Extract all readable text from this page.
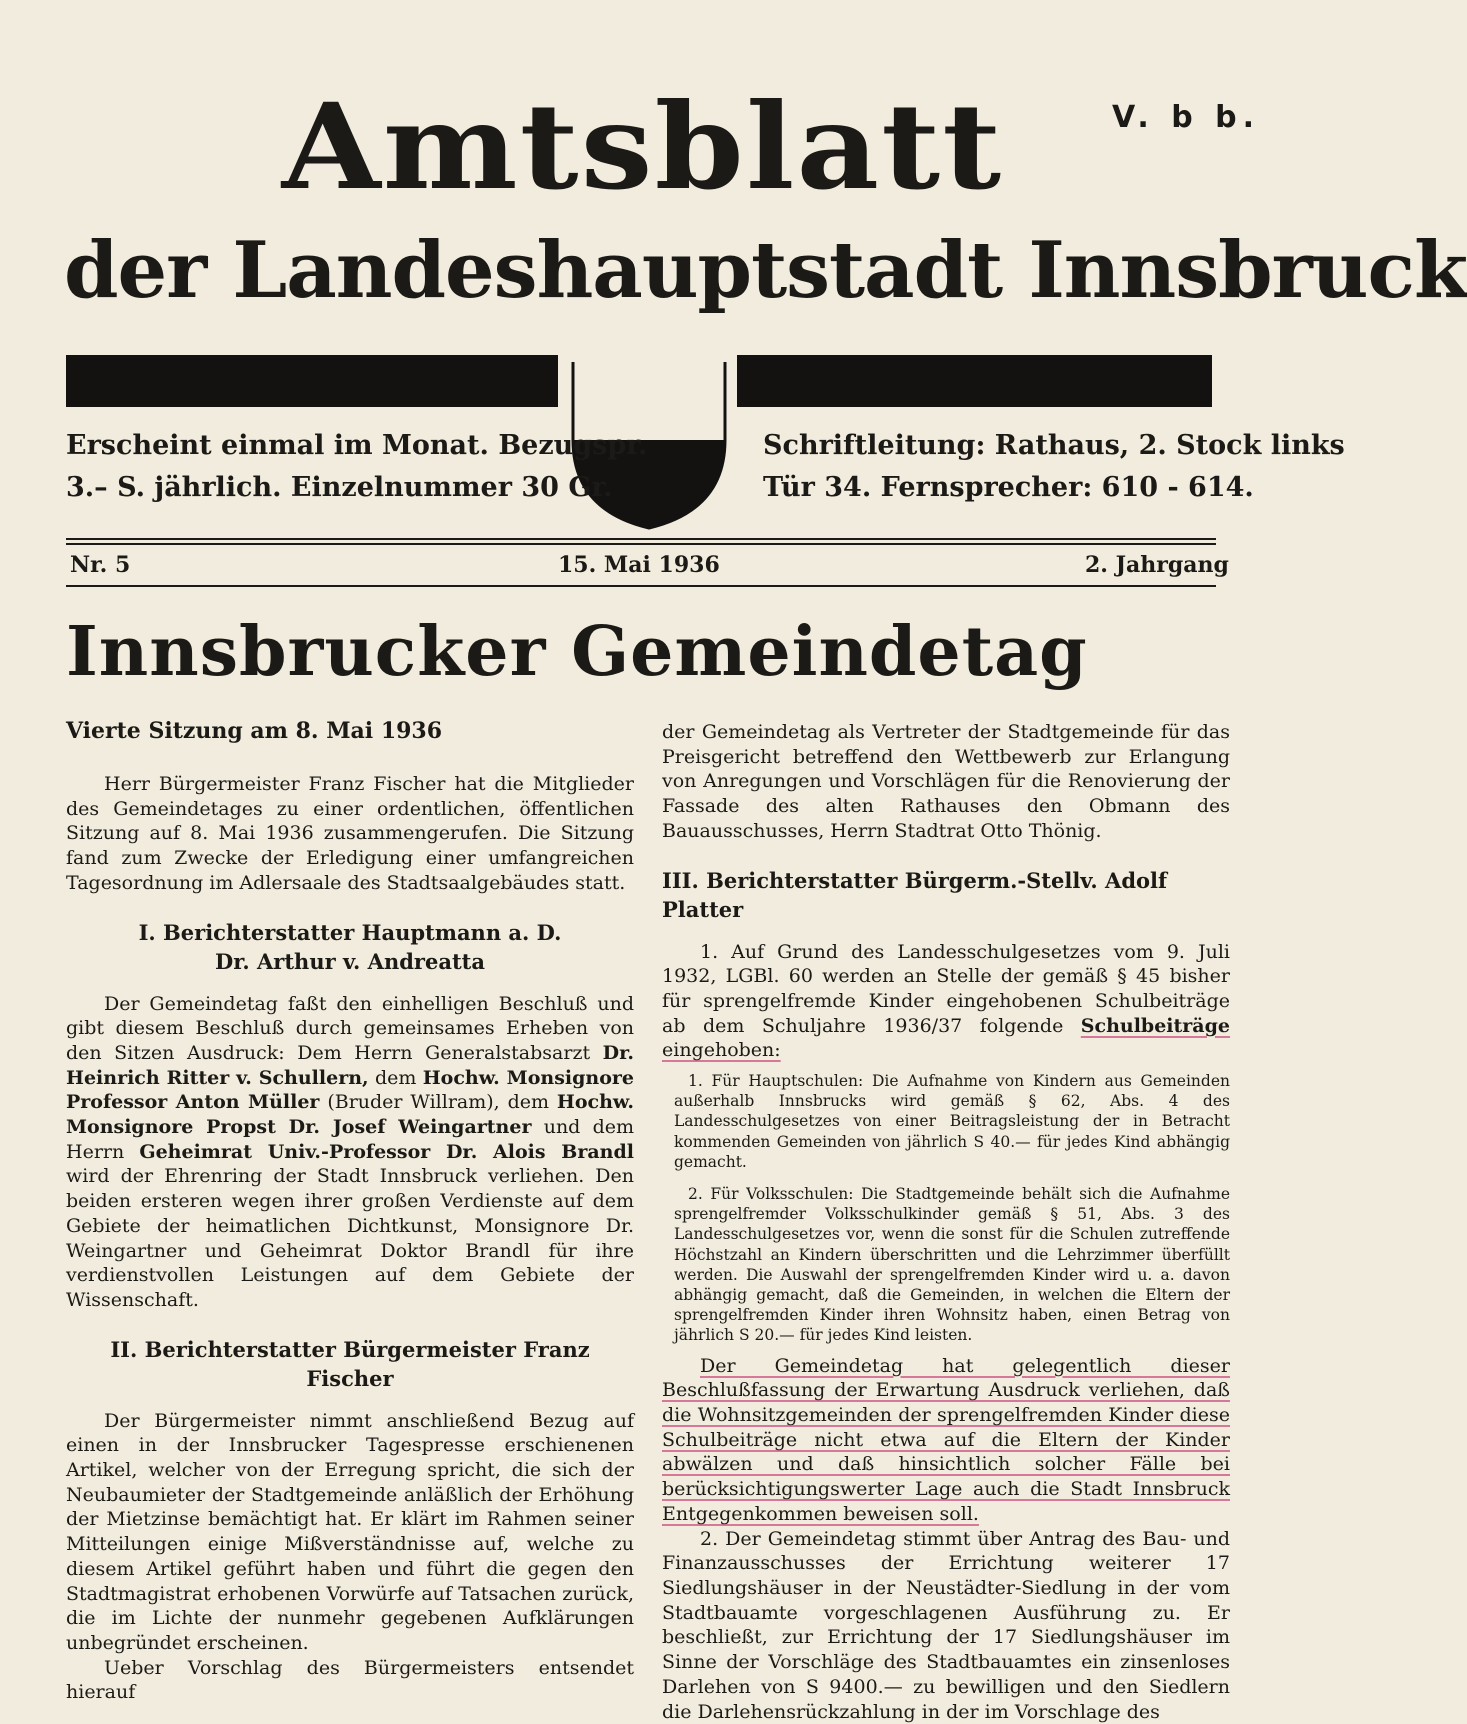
V. b b.
Amtsblatt
der Landeshauptstadt Innsbruck
Erscheint einmal im Monat. Bezugspr.
3.– S. jährlich. Einzelnummer 30 Gr.
Schriftleitung: Rathaus, 2. Stock links
Tür 34. Fernsprecher: 610 - 614.
Nr. 5	15. Mai 1936	2. Jahrgang
Innsbrucker Gemeindetag
Vierte Sitzung am 8. Mai 1936

Herr Bürgermeister Franz Fischer hat die Mitglieder des Gemeindetages zu einer ordentlichen, öffentlichen Sitzung auf 8. Mai 1936 zusammengerufen. Die Sitzung fand zum Zwecke der Erledigung einer umfangreichen Tagesordnung im Adlersaale des Stadtsaalgebäudes statt.

I. Berichterstatter Hauptmann a. D.
Dr. Arthur v. Andreatta

Der Gemeindetag faßt den einhelligen Beschluß und gibt diesem Beschluß durch gemeinsames Erheben von den Sitzen Ausdruck: Dem Herrn Generalstabsarzt Dr. Heinrich Ritter v. Schullern, dem Hochw. Monsignore Professor Anton Müller (Bruder Willram), dem Hochw. Monsignore Propst Dr. Josef Weingartner und dem Herrn Geheimrat Univ.-Professor Dr. Alois Brandl wird der Ehrenring der Stadt Innsbruck verliehen. Den beiden ersteren wegen ihrer großen Verdienste auf dem Gebiete der heimatlichen Dichtkunst, Monsignore Dr. Weingartner und Geheimrat Doktor Brandl für ihre verdienstvollen Leistungen auf dem Gebiete der Wissenschaft.

II. Berichterstatter Bürgermeister Franz Fischer

Der Bürgermeister nimmt anschließend Bezug auf einen in der Innsbrucker Tagespresse erschienenen Artikel, welcher von der Erregung spricht, die sich der Neubaumieter der Stadtgemeinde anläßlich der Erhöhung der Mietzinse bemächtigt hat. Er klärt im Rahmen seiner Mitteilungen einige Mißverständnisse auf, welche zu diesem Artikel geführt haben und führt die gegen den Stadtmagistrat erhobenen Vorwürfe auf Tatsachen zurück, die im Lichte der nunmehr gegebenen Aufklärungen unbegründet erscheinen.

Ueber Vorschlag des Bürgermeisters entsendet hierauf

der Gemeindetag als Vertreter der Stadtgemeinde für das Preisgericht betreffend den Wettbewerb zur Erlangung von Anregungen und Vorschlägen für die Renovierung der Fassade des alten Rathauses den Obmann des Bauausschusses, Herrn Stadtrat Otto Thönig.

III. Berichterstatter Bürgerm.-Stellv. Adolf Platter

1. Auf Grund des Landesschulgesetzes vom 9. Juli 1932, LGBl. 60 werden an Stelle der gemäß § 45 bisher für sprengelfremde Kinder eingehobenen Schulbeiträge ab dem Schuljahre 1936/37 folgende Schulbeiträge eingehoben:

1. Für Hauptschulen: Die Aufnahme von Kindern aus Gemeinden außerhalb Innsbrucks wird gemäß § 62, Abs. 4 des Landesschulgesetzes von einer Beitragsleistung der in Betracht kommenden Gemeinden von jährlich S 40.— für jedes Kind abhängig gemacht.

2. Für Volksschulen: Die Stadtgemeinde behält sich die Aufnahme sprengelfremder Volksschulkinder gemäß § 51, Abs. 3 des Landesschulgesetzes vor, wenn die sonst für die Schulen zutreffende Höchstzahl an Kindern überschritten und die Lehrzimmer überfüllt werden. Die Auswahl der sprengelfremden Kinder wird u. a. davon abhängig gemacht, daß die Gemeinden, in welchen die Eltern der sprengelfremden Kinder ihren Wohnsitz haben, einen Betrag von jährlich S 20.— für jedes Kind leisten.

Der Gemeindetag hat gelegentlich dieser Beschlußfassung der Erwartung Ausdruck verliehen, daß die Wohnsitzgemeinden der sprengelfremden Kinder diese Schulbeiträge nicht etwa auf die Eltern der Kinder abwälzen und daß hinsichtlich solcher Fälle bei berücksichtigungswerter Lage auch die Stadt Innsbruck Entgegenkommen beweisen soll.

2. Der Gemeindetag stimmt über Antrag des Bau- und Finanzausschusses der Errichtung weiterer 17 Siedlungshäuser in der Neustädter-Siedlung in der vom Stadtbauamte vorgeschlagenen Ausführung zu. Er beschließt, zur Errichtung der 17 Siedlungshäuser im Sinne der Vorschläge des Stadtbauamtes ein zinsenloses Darlehen von S 9400.— zu bewilligen und den Siedlern die Darlehensrückzahlung in der im Vorschlage des
